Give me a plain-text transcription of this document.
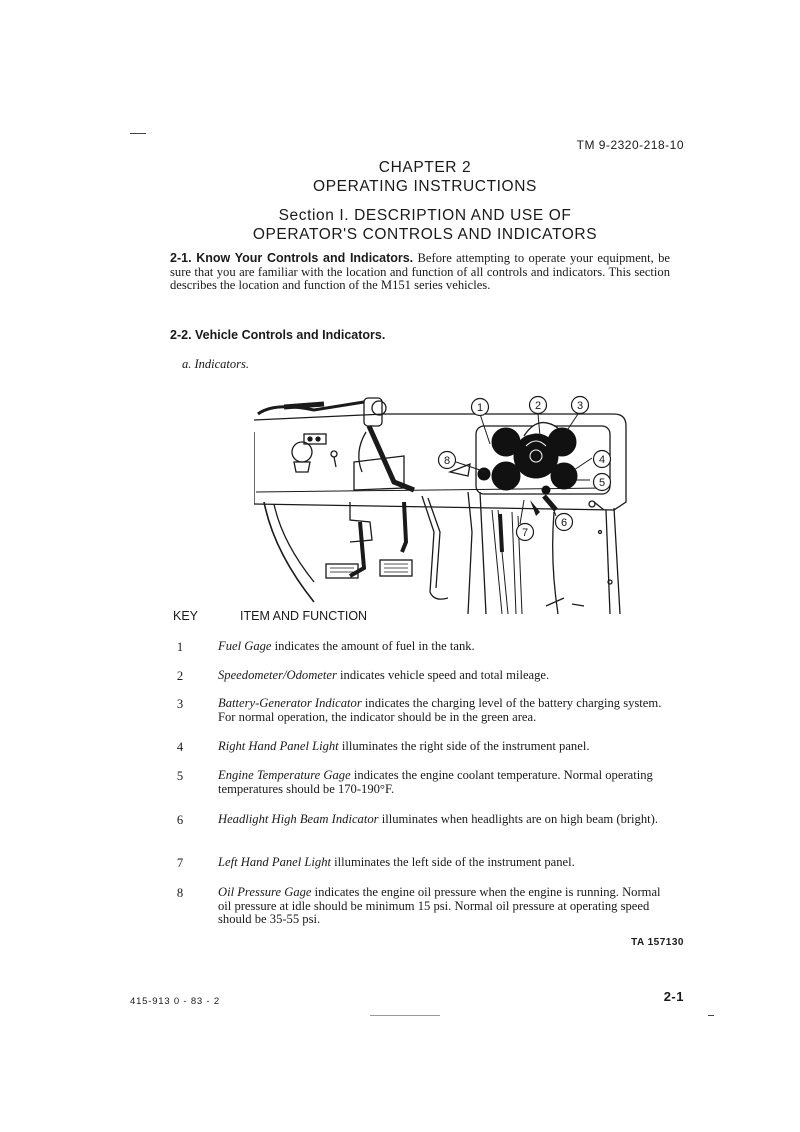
TM 9-2320-218-10
CHAPTER 2
OPERATING INSTRUCTIONS
Section I. DESCRIPTION AND USE OF
OPERATOR'S CONTROLS AND INDICATORS
2-1. Know Your Controls and Indicators. Before attempting to operate your equipment, be sure that you are familiar with the location and function of all controls and indicators. This section describes the location and function of the M151 series vehicles.
2-2. Vehicle Controls and Indicators.
a. Indicators.
1	2	3
4
5
6
7
8
KEY	ITEM AND FUNCTION
1	Fuel Gage indicates the amount of fuel in the tank.
2	Speedometer/Odometer indicates vehicle speed and total mileage.
3	Battery-Generator Indicator indicates the charging level of the battery charging system. For normal operation, the indicator should be in the green area.
4	Right Hand Panel Light illuminates the right side of the instrument panel.
5	Engine Temperature Gage indicates the engine coolant temperature. Normal operating temperatures should be 170-190°F.
6	Headlight High Beam Indicator illuminates when headlights are on high beam (bright).
7	Left Hand Panel Light illuminates the left side of the instrument panel.
8	Oil Pressure Gage indicates the engine oil pressure when the engine is running. Normal oil pressure at idle should be minimum 15 psi. Normal oil pressure at operating speed should be 35-55 psi.
TA 157130
415-913 0 - 83 - 2	2-1
